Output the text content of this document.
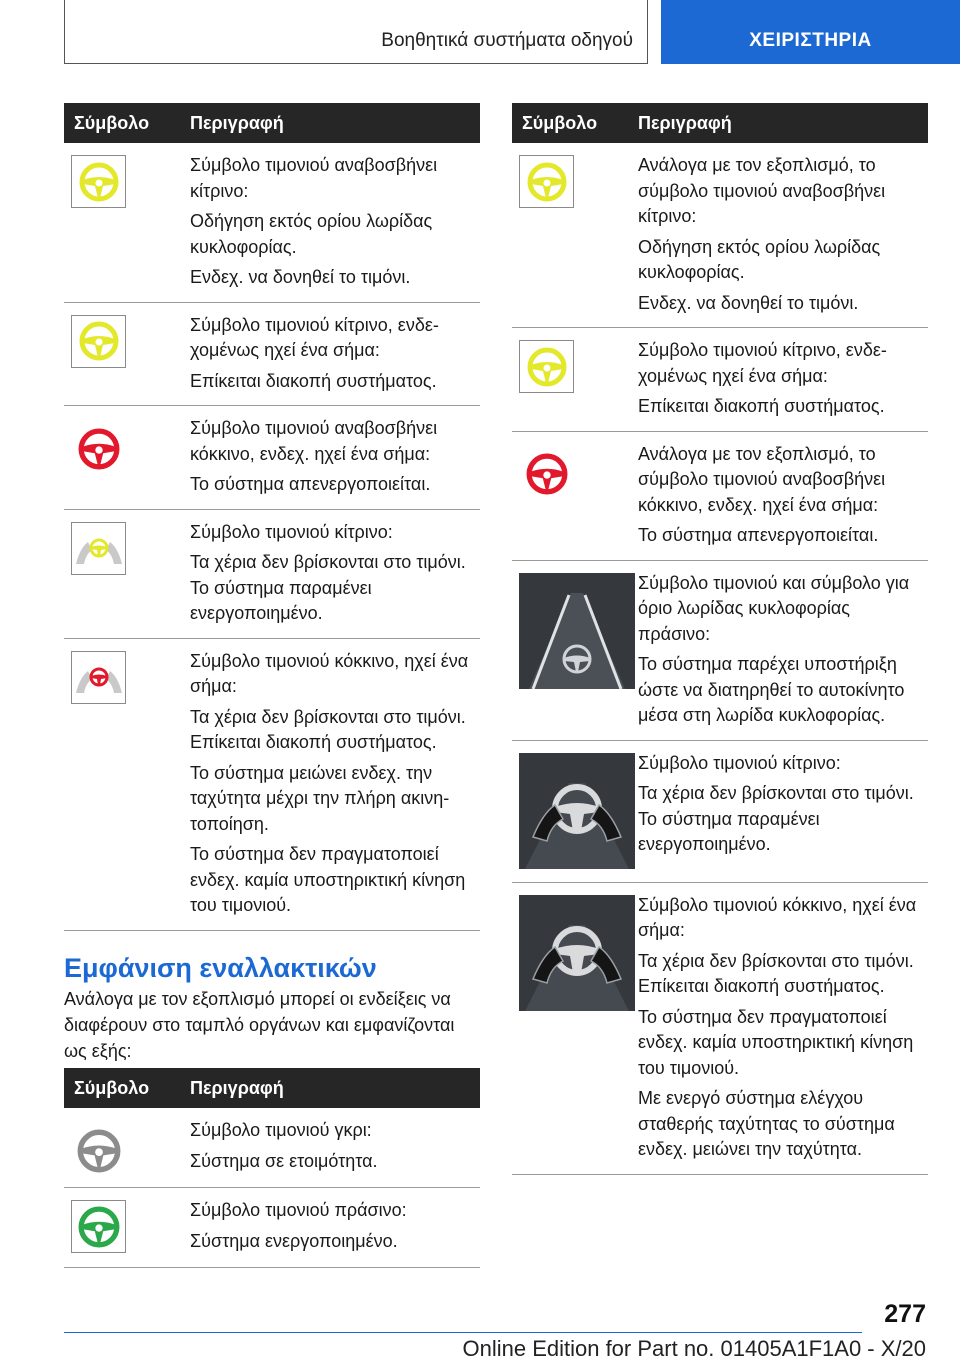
Βοηθητικά συστήματα οδηγού	ΧΕΙΡΙΣΤΗΡΙΑ
Σύμβολο Περιγραφή

Σύμβολο τιμονιού αναβοσβήνει κίτρινο:

Οδήγηση εκτός ορίου λωρίδας κυκλοφορίας.

Ενδεχ. να δονηθεί το τιμόνι.

Σύμβολο τιμονιού κίτρινο, ενδεχομένως ηχεί ένα σήμα:

Επίκειται διακοπή συστήματος.

Σύμβολο τιμονιού αναβοσβήνει κόκκινο, ενδεχ. ηχεί ένα σήμα:

Το σύστημα απενεργοποιείται.

Σύμβολο τιμονιού κίτρινο:

Τα χέρια δεν βρίσκονται στο τιμόνι. Το σύστημα παραμένει ενεργοποιημένο.

Σύμβολο τιμονιού κόκκινο, ηχεί ένα σήμα:

Τα χέρια δεν βρίσκονται στο τιμόνι. Επίκειται διακοπή συστήματος.

Το σύστημα μειώνει ενδεχ. την ταχύτητα μέχρι την πλήρη ακινητοποίηση.

Το σύστημα δεν πραγματοποιεί ενδεχ. καμία υποστηρικτική κίνηση του τιμονιού.

Εμφάνιση εναλλακτικών
Ανάλογα με τον εξοπλισμό μπορεί οι ενδείξεις να διαφέρουν στο ταμπλό οργάνων και εμφανίζονται ως εξής:
Σύμβολο Περιγραφή

Σύμβολο τιμονιού γκρι:

Σύστημα σε ετοιμότητα.

Σύμβολο τιμονιού πράσινο:

Σύστημα ενεργοποιημένο.

Σύμβολο Περιγραφή

Ανάλογα με τον εξοπλισμό, το σύμβολο τιμονιού αναβοσβήνει κίτρινο:

Οδήγηση εκτός ορίου λωρίδας κυκλοφορίας.

Ενδεχ. να δονηθεί το τιμόνι.

Σύμβολο τιμονιού κίτρινο, ενδεχομένως ηχεί ένα σήμα:

Επίκειται διακοπή συστήματος.

Ανάλογα με τον εξοπλισμό, το σύμβολο τιμονιού αναβοσβήνει κόκκινο, ενδεχ. ηχεί ένα σήμα:

Το σύστημα απενεργοποιείται.

Σύμβολο τιμονιού και σύμβολο για όριο λωρίδας κυκλοφορίας πράσινο:

Το σύστημα παρέχει υποστήριξη ώστε να διατηρηθεί το αυτοκίνητο μέσα στη λωρίδα κυκλοφορίας.

Σύμβολο τιμονιού κίτρινο:

Τα χέρια δεν βρίσκονται στο τιμόνι. Το σύστημα παραμένει ενεργοποιημένο.

Σύμβολο τιμονιού κόκκινο, ηχεί ένα σήμα:

Τα χέρια δεν βρίσκονται στο τιμόνι. Επίκειται διακοπή συστήματος.

Το σύστημα δεν πραγματοποιεί ενδεχ. καμία υποστηρικτική κίνηση του τιμονιού.

Με ενεργό σύστημα ελέγχου σταθερής ταχύτητας το σύστημα ενδεχ. μειώνει την ταχύτητα.

277
Online Edition for Part no. 01405A1F1A0 - X/20
